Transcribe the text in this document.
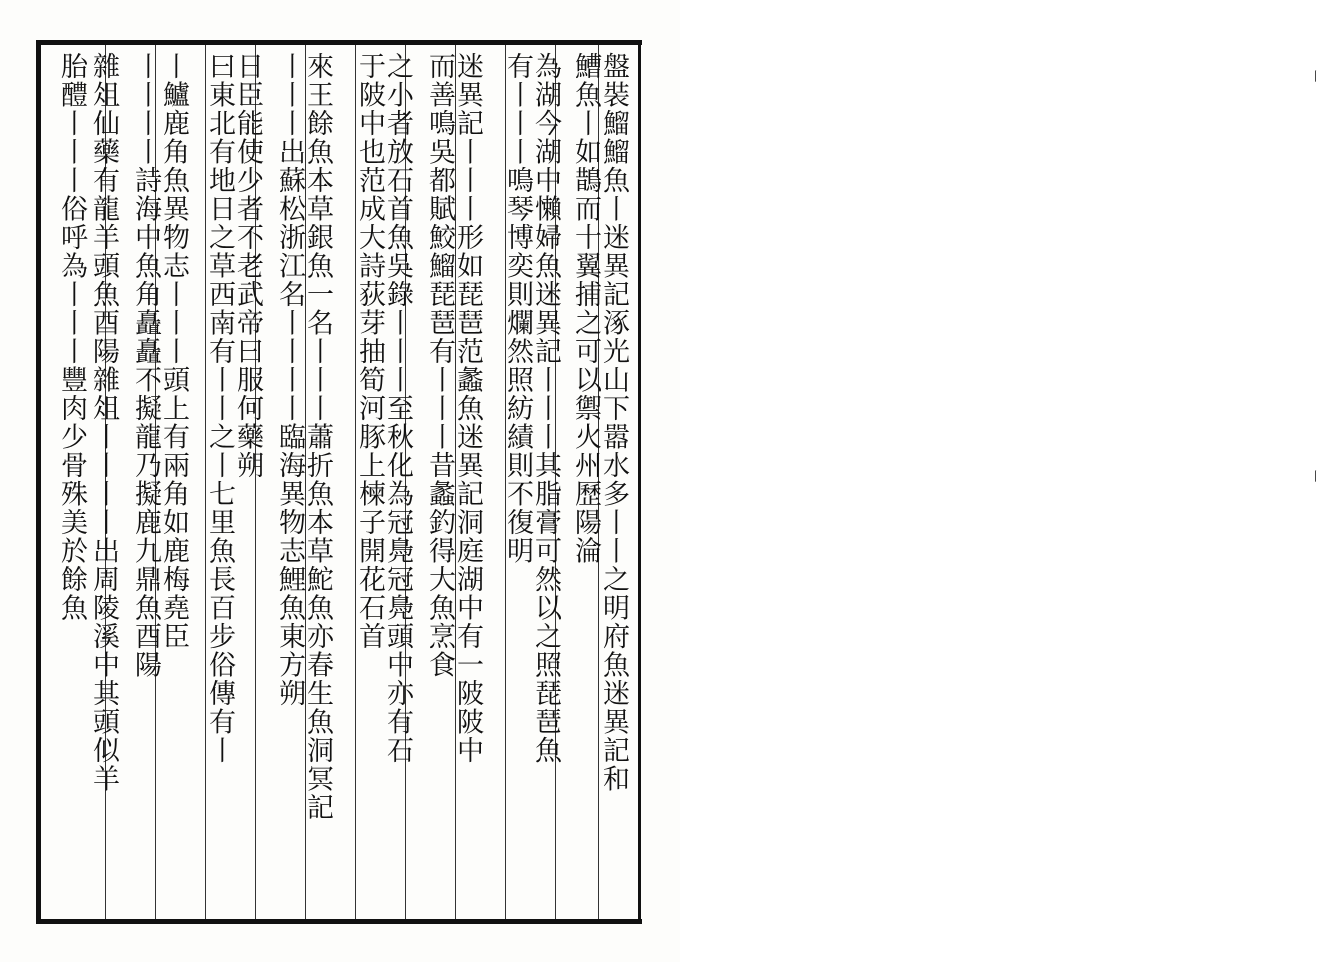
丨
丨
盤裝鰡鰡魚丨迷異記涿光山下嚣水多丨丨之明府魚迷異記和
鰽魚丨如鵲而十翼捕之可以禦火州歷陽淪
為湖今湖中懶婦魚迷異記丨丨丨其脂膏可然以之照琵琶魚
有丨丨丨鳴琴博奕則爛然照紡績則不復明
迷異記丨丨丨形如琵琶范蠡魚迷異記洞庭湖中有一陂陂中
而善鳴吳都賦鮫鰡琵琶有丨丨丨昔蠡釣得大魚烹食
之小者放石首魚吳錄丨丨丨至秋化為冠鳧冠鳧頭中亦有石
于陂中也范成大詩荻芽抽筍河豚上楝子開花石首
來王餘魚本草銀魚一名丨丨丨蕭折魚本草鮀魚亦春生魚洞冥記
丨丨丨出蘇松浙江名丨丨丨丨臨海異物志鯉魚東方朔
日臣能使少者不老武帝曰服何藥朔
曰東北有地日之草西南有丨丨之丨七里魚長百步俗傳有丨
丨鱸鹿角魚異物志丨丨丨頭上有兩角如鹿梅堯臣
丨丨丨丨詩海中魚角矗矗不擬龍乃擬鹿九鼎魚酉陽
雜俎仙藥有龍羊頭魚酉陽雜俎丨丨丨丨出周陵溪中其頭似羊
胎醴丨丨丨俗呼為丨丨丨豐肉少骨殊美於餘魚
